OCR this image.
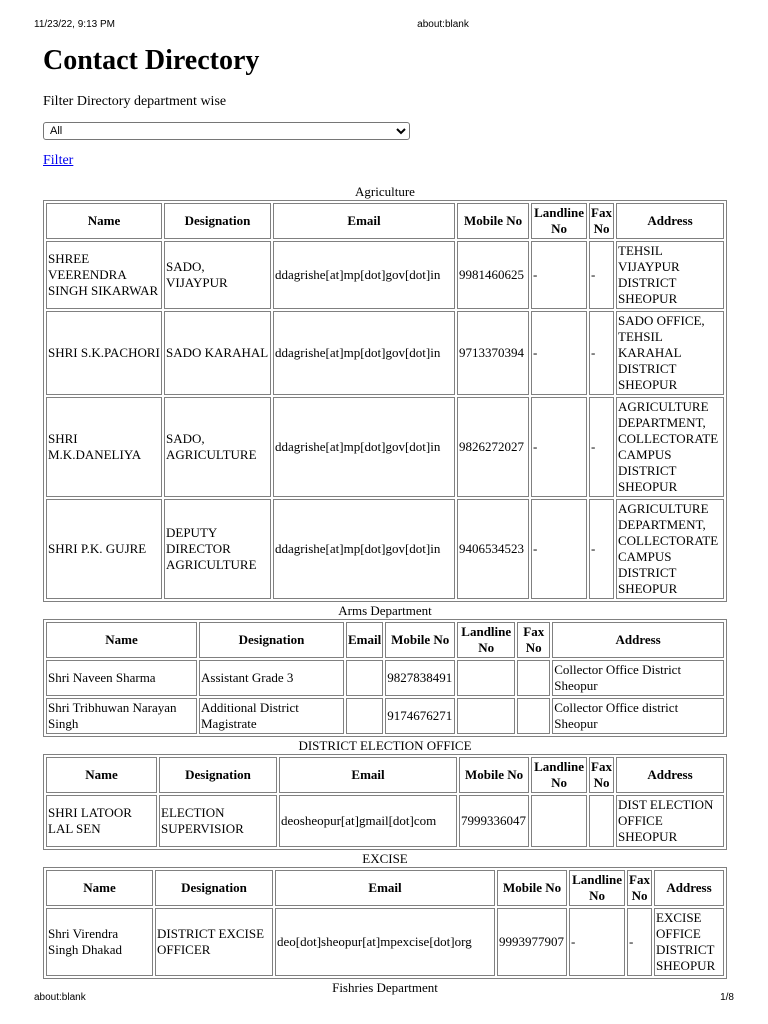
11/23/22, 9:13 PM	about:blank
Contact Directory
Filter Directory department wise
All
Filter
Agriculture
Name	Designation	Email	Mobile No	Landline No	Fax No	Address
SHREE VEERENDRA SINGH SIKARWAR	SADO, VIJAYPUR	ddagrishe[at]mp[dot]gov[dot]in	9981460625	-	-	TEHSIL VIJAYPUR DISTRICT SHEOPUR
SHRI S.K.PACHORI	SADO KARAHAL	ddagrishe[at]mp[dot]gov[dot]in	9713370394	-	-	SADO OFFICE, TEHSIL KARAHAL DISTRICT SHEOPUR
SHRI M.K.DANELIYA	SADO, AGRICULTURE	ddagrishe[at]mp[dot]gov[dot]in	9826272027	-	-	AGRICULTURE DEPARTMENT, COLLECTORATE CAMPUS DISTRICT SHEOPUR
SHRI P.K. GUJRE	DEPUTY DIRECTOR AGRICULTURE	ddagrishe[at]mp[dot]gov[dot]in	9406534523	-	-	AGRICULTURE DEPARTMENT, COLLECTORATE CAMPUS DISTRICT SHEOPUR
Arms Department
Name	Designation	Email	Mobile No	Landline No	Fax No	Address
Shri Naveen Sharma	Assistant Grade 3		9827838491			Collector Office District Sheopur
Shri Tribhuwan Narayan Singh	Additional District Magistrate		9174676271			Collector Office district Sheopur
DISTRICT ELECTION OFFICE
Name	Designation	Email	Mobile No	Landline No	Fax No	Address
SHRI LATOOR LAL SEN	ELECTION SUPERVISIOR	deosheopur[at]gmail[dot]com	7999336047			DIST ELECTION OFFICE SHEOPUR
EXCISE
Name	Designation	Email	Mobile No	Landline No	Fax No	Address
Shri Virendra Singh Dhakad	DISTRICT EXCISE OFFICER	deo[dot]sheopur[at]mpexcise[dot]org	9993977907	-	-	EXCISE OFFICE DISTRICT SHEOPUR
Fishries Department
about:blank	1/8
